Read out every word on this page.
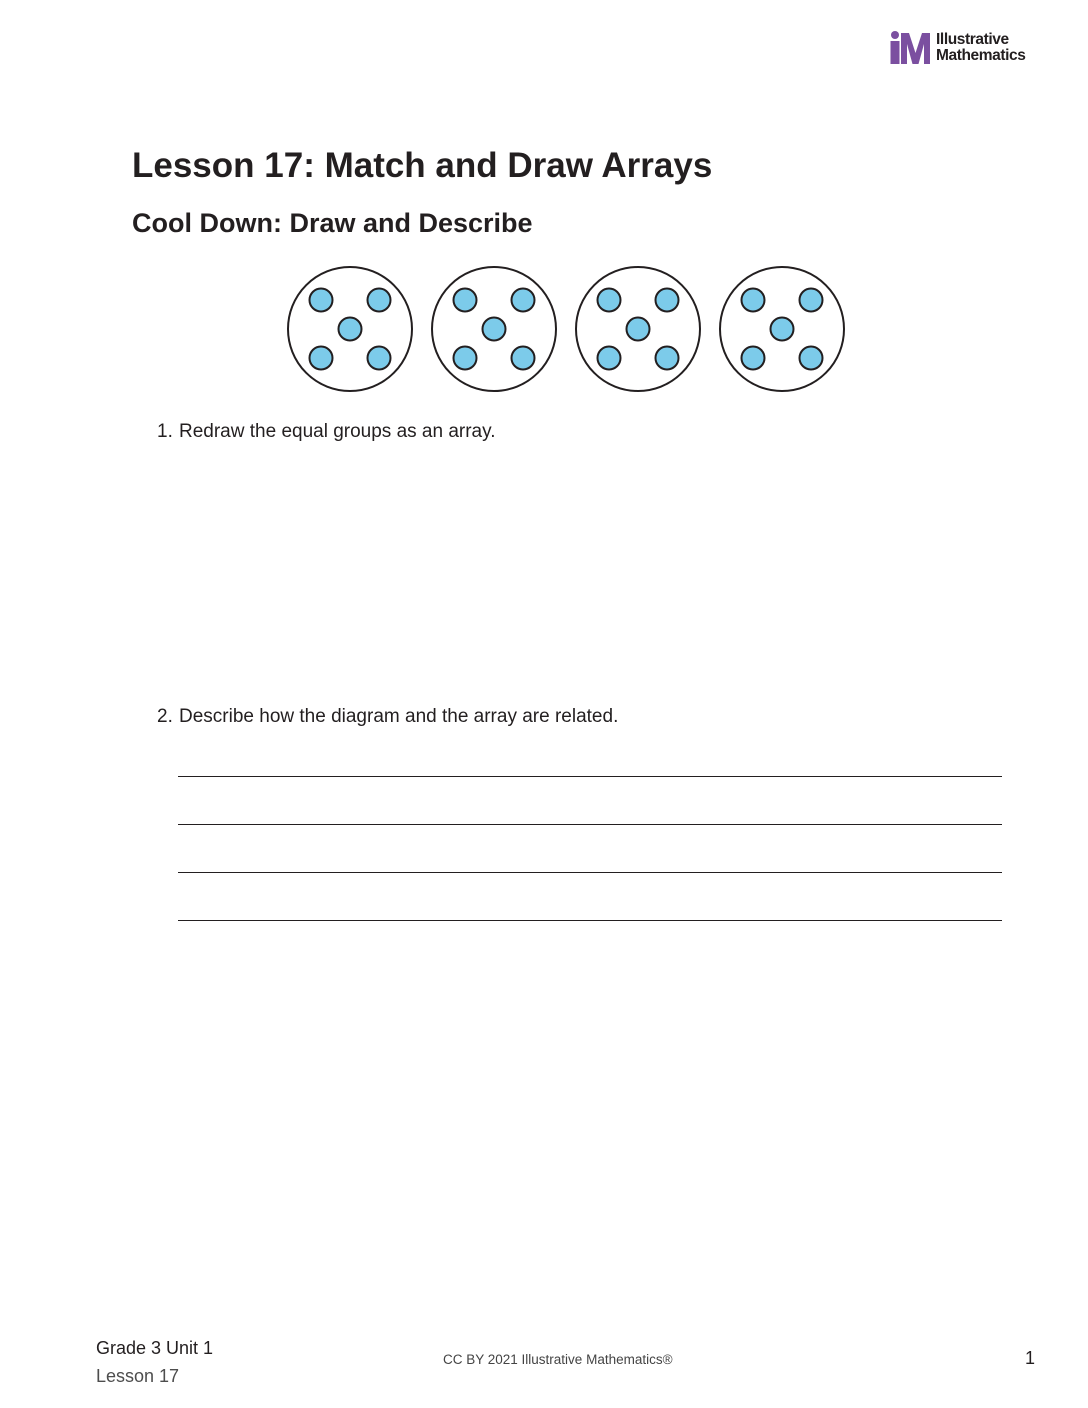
Illustrative
Mathematics
Lesson 17: Match and Draw Arrays
Cool Down: Draw and Describe
1. Redraw the equal groups as an array.
2. Describe how the diagram and the array are related.
Grade 3 Unit 1
Lesson 17
CC BY 2021 Illustrative Mathematics®	1
